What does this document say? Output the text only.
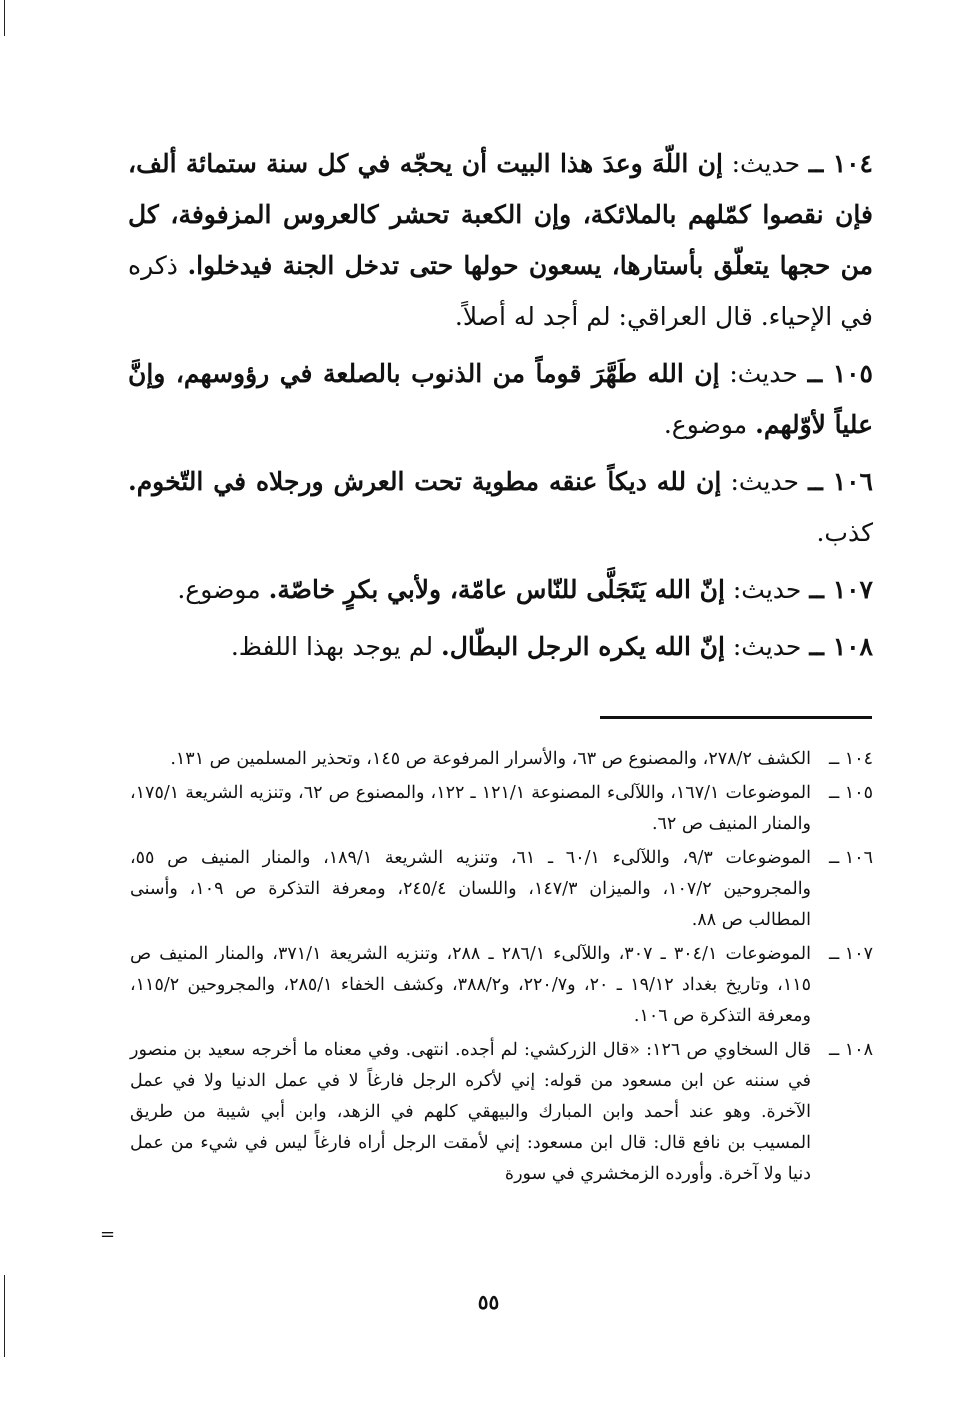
١٠٤ ــ حديث: إن اللّهَ وعدَ هذا البيت أن يحجّه في كل سنة ستمائة ألف، فإن نقصوا كمّلهم بالملائكة، وإن الكعبة تحشر كالعروس المزفوفة، كل من حجها يتعلّق بأستارها، يسعون حولها حتى تدخل الجنة فيدخلوا. ذكره في الإحياء. قال العراقي: لم أجد له أصلاً.

١٠٥ ــ حديث: إن الله طَهَّرَ قوماً من الذنوب بالصلعة في رؤوسهم، وإنَّ علياً لأوّلهم. موضوع.

١٠٦ ــ حديث: إن لله ديكاً عنقه مطوية تحت العرش ورجلاه في التّخوم. كذب.

١٠٧ ــ حديث: إنّ الله يَتَجَلَّى للنّاس عامّة، ولأبي بكرٍ خاصّة. موضوع.

١٠٨ ــ حديث: إنّ الله يكره الرجل البطّال. لم يوجد بهذا اللفظ.

١٠٤ ــ
الكشف ٢٧٨/٢، والمصنوع ص ٦٣، والأسرار المرفوعة ص ١٤٥، وتحذير المسلمين ص ١٣١.

١٠٥ ــ
الموضوعات ١٦٧/١، واللآلىء المصنوعة ١٢١/١ ـ ١٢٢، والمصنوع ص ٦٢، وتنزيه الشريعة ١٧٥/١، والمنار المنيف ص ٦٢.

١٠٦ ــ
الموضوعات ٩/٣، واللآلىء ٦٠/١ ـ ٦١، وتنزيه الشريعة ١٨٩/١، والمنار المنيف ص ٥٥، والمجروحين ١٠٧/٢، والميزان ١٤٧/٣، واللسان ٢٤٥/٤، ومعرفة التذكرة ص ١٠٩، وأسنى المطالب ص ٨٨.

١٠٧ ــ
الموضوعات ٣٠٤/١ ـ ٣٠٧، واللآلىء ٢٨٦/١ ـ ٢٨٨، وتنزيه الشريعة ٣٧١/١، والمنار المنيف ص ١١٥، وتاريخ بغداد ١٩/١٢ ـ ٢٠، و٢٢٠/٧، و٣٨٨/٢، وكشف الخفاء ٢٨٥/١، والمجروحين ١١٥/٢، ومعرفة التذكرة ص ١٠٦.

١٠٨ ــ
قال السخاوي ص ١٢٦: «قال الزركشي: لم أجده. انتهى. وفي معناه ما أخرجه سعيد بن منصور في سننه عن ابن مسعود من قوله: إني لأكره الرجل فارغاً لا في عمل الدنيا ولا في عمل الآخرة. وهو عند أحمد وابن المبارك والبيهقي كلهم في الزهد، وابن أبي شيبة من طريق المسيب بن نافع قال: قال ابن مسعود: إني لأمقت الرجل أراه فارغاً ليس في شيء من عمل دنيا ولا آخرة. وأورده الزمخشري في سورة

=
٥٥
